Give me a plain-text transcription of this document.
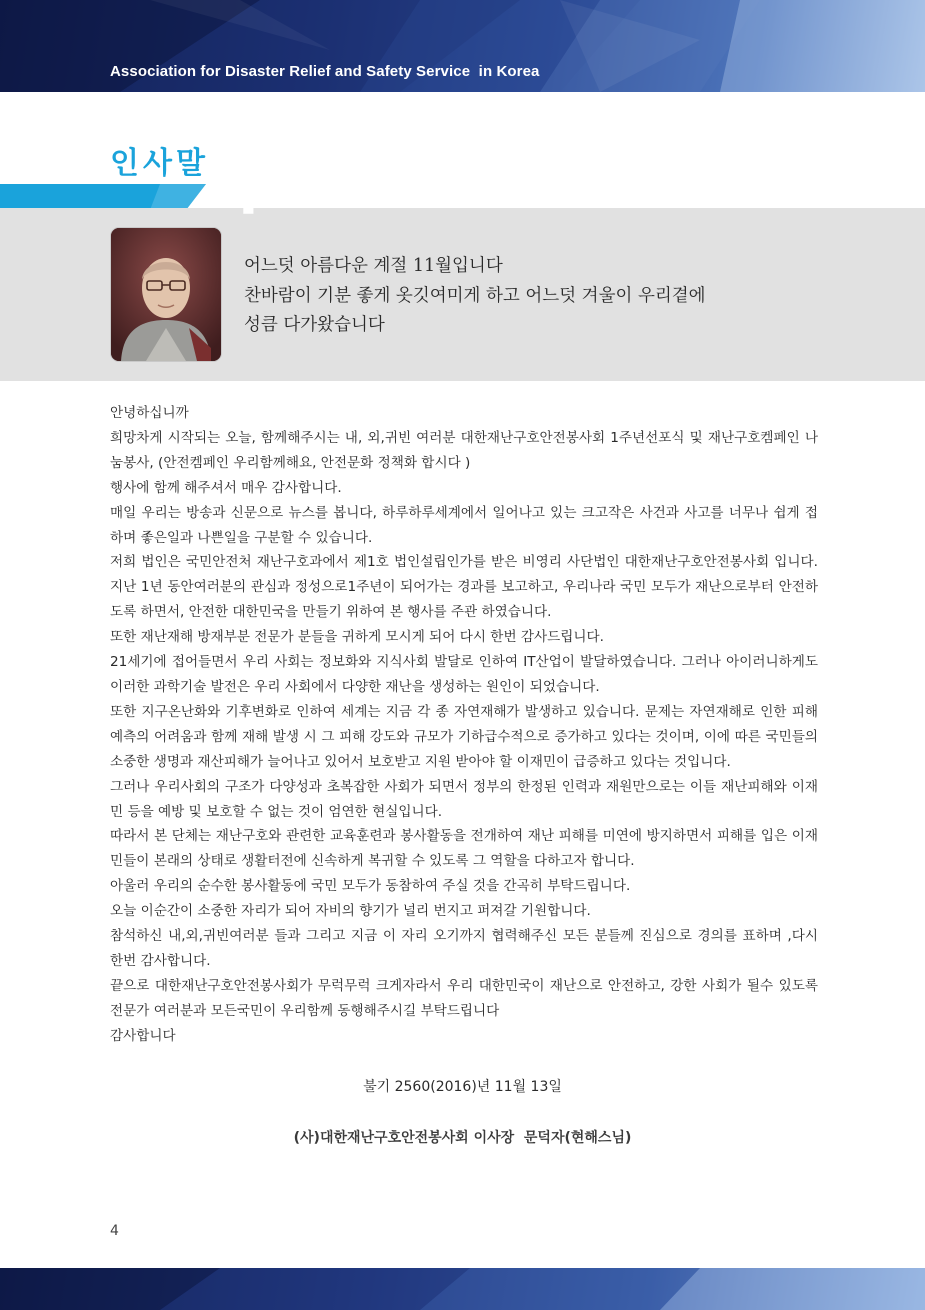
Association for Disaster Relief and Safety Service  in Korea
인사말
❛
어느덧 아름다운 계절 11월입니다
찬바람이 기분 좋게 옷깃여미게 하고 어느덧 겨울이 우리곁에
성큼 다가왔습니다

안녕하십니까

희망차게 시작되는 오늘, 함께해주시는 내, 외,귀빈 여러분 대한재난구호안전봉사회 1주년선포식 및 재난구호켐페인 나눔봉사, (안전켐페인 우리함께해요, 안전문화 정책화 합시다 )

행사에 함께 해주셔서 매우 감사합니다.

매일 우리는 방송과 신문으로 뉴스를 봅니다, 하루하루세계에서 일어나고 있는 크고작은 사건과 사고를 너무나 쉽게 접하며 좋은일과 나쁜일을 구분할 수 있습니다.

저희 법인은 국민안전처 재난구호과에서 제1호 법인설립인가를 받은 비영리 사단법인 대한재난구호안전봉사회 입니다. 지난 1년 동안여러분의 관심과 정성으로1주년이 되어가는 경과를 보고하고, 우리나라 국민 모두가 재난으로부터 안전하도록 하면서, 안전한 대한민국을 만들기 위하여 본 행사를 주관 하였습니다.

또한 재난재해 방재부분 전문가 분들을 귀하게 모시게 되어 다시 한번 감사드립니다.

21세기에 접어들면서 우리 사회는 정보화와 지식사회 발달로 인하여 IT산업이 발달하였습니다. 그러나 아이러니하게도 이러한 과학기술 발전은 우리 사회에서 다양한 재난을 생성하는 원인이 되었습니다.

또한 지구온난화와 기후변화로 인하여 세계는 지금 각 종 자연재해가 발생하고 있습니다. 문제는 자연재해로 인한 피해 예측의 어려움과 함께 재해 발생 시 그 피해 강도와 규모가 기하급수적으로 증가하고 있다는 것이며, 이에 따른 국민들의 소중한 생명과 재산피해가 늘어나고 있어서 보호받고 지원 받아야 할 이재민이 급증하고 있다는 것입니다.

그러나 우리사회의 구조가 다양성과 초복잡한 사회가 되면서 정부의 한정된 인력과 재원만으로는 이들 재난피해와 이재민 등을 예방 및 보호할 수 없는 것이 엄연한 현실입니다.

따라서 본 단체는 재난구호와 관련한 교육훈련과 봉사활동을 전개하여 재난 피해를 미연에 방지하면서 피해를 입은 이재민들이 본래의 상태로 생활터전에 신속하게 복귀할 수 있도록 그 역할을 다하고자 합니다.

아울러 우리의 순수한 봉사활동에 국민 모두가 동참하여 주실 것을 간곡히 부탁드립니다.

오늘 이순간이 소중한 자리가 되어 자비의 향기가 널리 번지고 퍼져갈 기원합니다.

참석하신 내,외,귀빈여러분 들과 그리고 지금 이 자리 오기까지 협력해주신 모든 분들께 진심으로 경의를 표하며 ,다시 한번 감사합니다.

끝으로 대한재난구호안전봉사회가 무럭무럭 크게자라서 우리 대한민국이 재난으로 안전하고, 강한 사회가 될수 있도록 전문가 여러분과 모든국민이 우리함께 동행해주시길 부탁드립니다

감사합니다

불기 2560(2016)년 11월 13일
(사)대한재난구호안전봉사회 이사장  문덕자(현해스님)
4
